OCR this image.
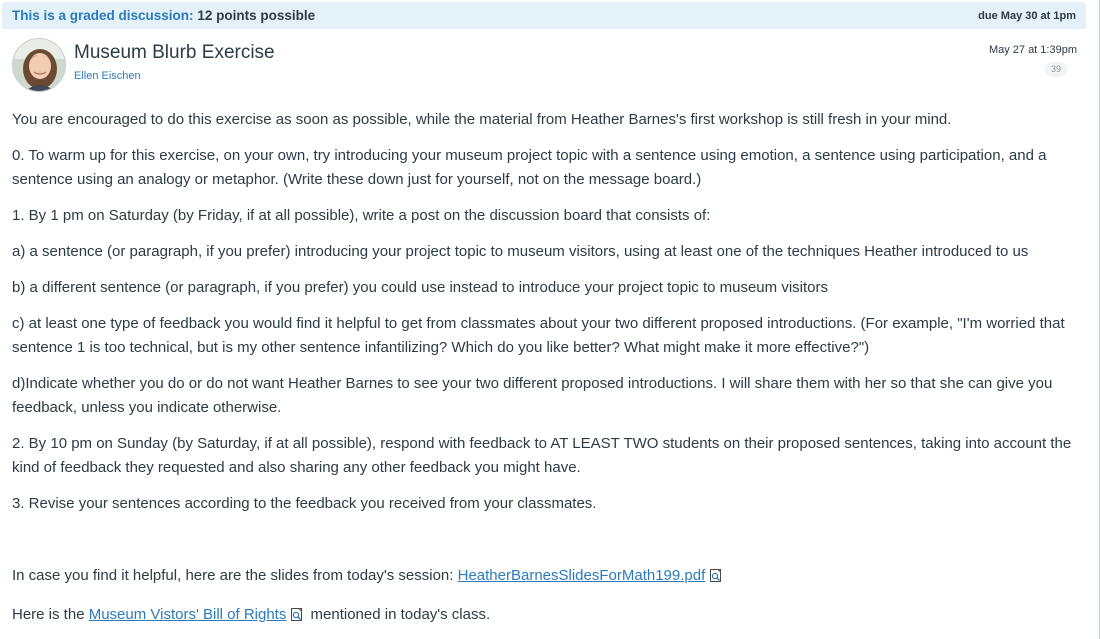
This is a graded discussion: 12 points possible	due May 30 at 1pm
Museum Blurb Exercise
Ellen Eischen
May 27 at 1:39pm
39

You are encouraged to do this exercise as soon as possible, while the material from Heather Barnes's first workshop is still fresh in your mind.

0. To warm up for this exercise, on your own, try introducing your museum project topic with a sentence using emotion, a sentence using participation, and a sentence using an analogy or metaphor. (Write these down just for yourself, not on the message board.)

1. By 1 pm on Saturday (by Friday, if at all possible), write a post on the discussion board that consists of:

a) a sentence (or paragraph, if you prefer) introducing your project topic to museum visitors, using at least one of the techniques Heather introduced to us

b) a different sentence (or paragraph, if you prefer) you could use instead to introduce your project topic to museum visitors

c) at least one type of feedback you would find it helpful to get from classmates about your two different proposed introductions. (For example, "I'm worried that sentence 1 is too technical, but is my other sentence infantilizing? Which do you like better? What might make it more effective?")

d)Indicate whether you do or do not want Heather Barnes to see your two different proposed introductions. I will share them with her so that she can give you feedback, unless you indicate otherwise.

2. By 10 pm on Sunday (by Saturday, if at all possible), respond with feedback to AT LEAST TWO students on their proposed sentences, taking into account the kind of feedback they requested and also sharing any other feedback you might have.

3. Revise your sentences according to the feedback you received from your classmates.

In case you find it helpful, here are the slides from today's session: HeatherBarnesSlidesForMath199.pdf

Here is the Museum Vistors' Bill of Rights mentioned in today's class.
